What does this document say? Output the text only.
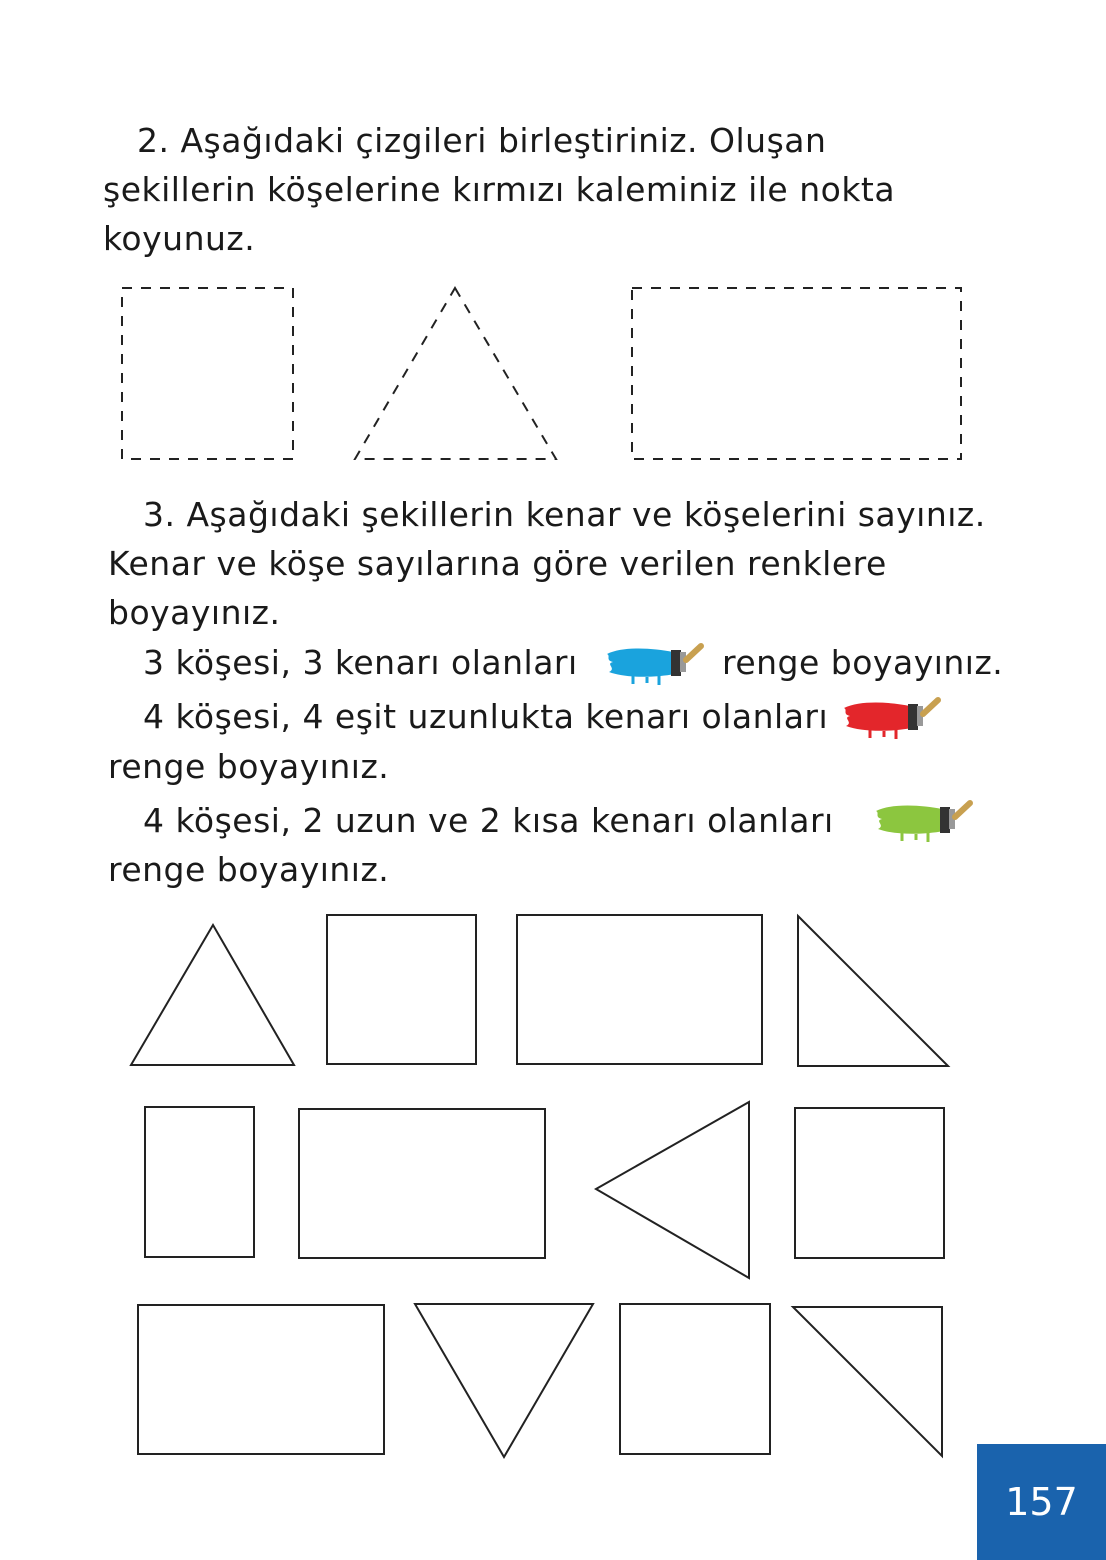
2. Aşağıdaki çizgileri birleştiriniz. Oluşan
şekillerin köşelerine kırmızı kaleminiz ile nokta
koyunuz.

3. Aşağıdaki şekillerin kenar ve köşelerini sayınız.
Kenar ve köşe sayılarına göre verilen renklere
boyayınız.
3 köşesi, 3 kenarı olanları	renge boyayınız.
4 köşesi, 4 eşit uzunlukta kenarı olanları
renge boyayınız.
4 köşesi, 2 uzun ve 2 kısa kenarı olanları
renge boyayınız.
157
